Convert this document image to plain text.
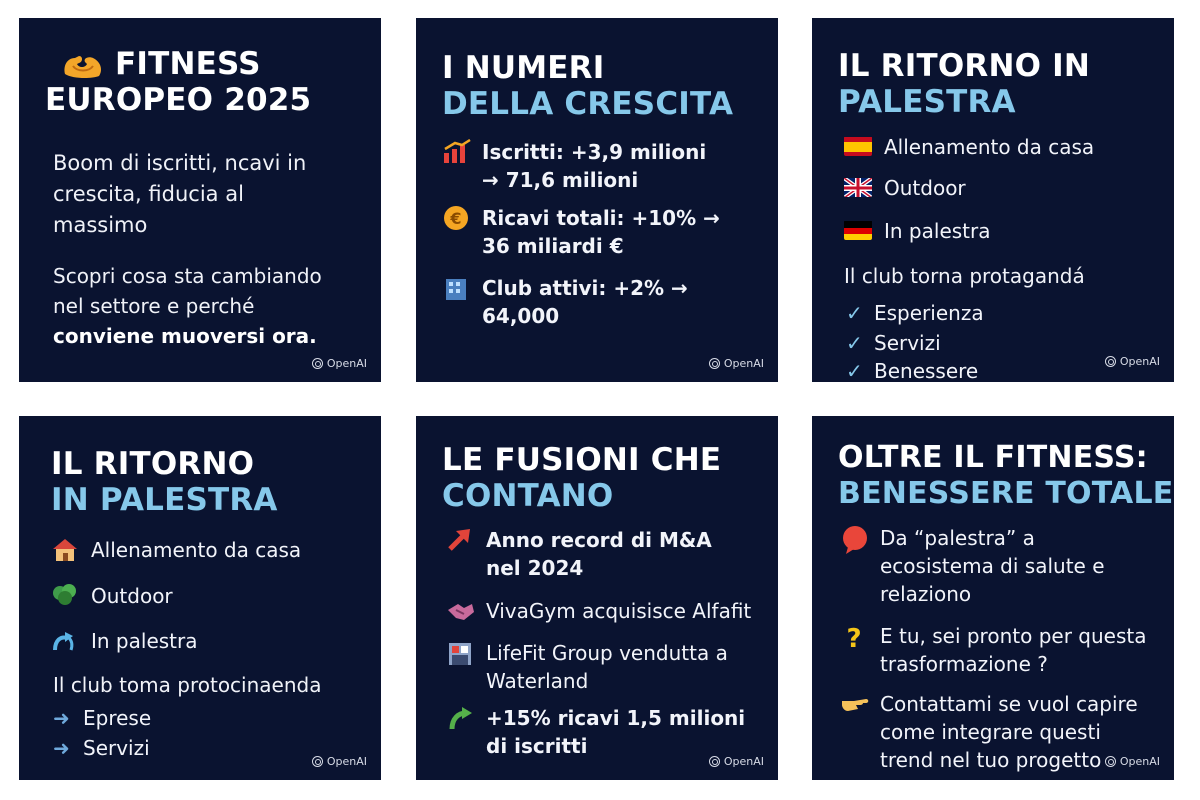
FITNESS
EUROPEO 2025
Boom di iscritti, ncavi in crescita, fiducia al massimo
Scopri cosa sta cambiando nel settore e perché conviene muoversi ora.
OpenAI
I NUMERI
DELLA CRESCITA
Iscritti: +3,9 milioni → 71,6 milioni
€ Ricavi totali: +10% → 36 miliardi €
Club attivi: +2% → 64,000
OpenAI
IL RITORNO IN
PALESTRA
Allenamento da casa
Outdoor
In palestra
Il club torna protagandá
✓ Esperienza
✓ Servizi
✓ Benessere	OpenAI
IL RITORNO
IN PALESTRA
Allenamento da casa
Outdoor
In palestra
Il club toma protocinaenda
➜ Eprese
➜ Servizi
OpenAI
LE FUSIONI CHE
CONTANO
Anno record di M&A nel 2024
VivaGym acquisisce Alfafit
LifeFit Group vendutta a Waterland
+15% ricavi 1,5 milioni di iscritti
OpenAI
OLTRE IL FITNESS:
BENESSERE TOTALE
Da “palestra” a ecosistema di salute e relaziono
? E tu, sei pronto per questa trasformazione ?
Contattami se vuol capire come integrare questi trend nel tuo progetto	OpenAI
